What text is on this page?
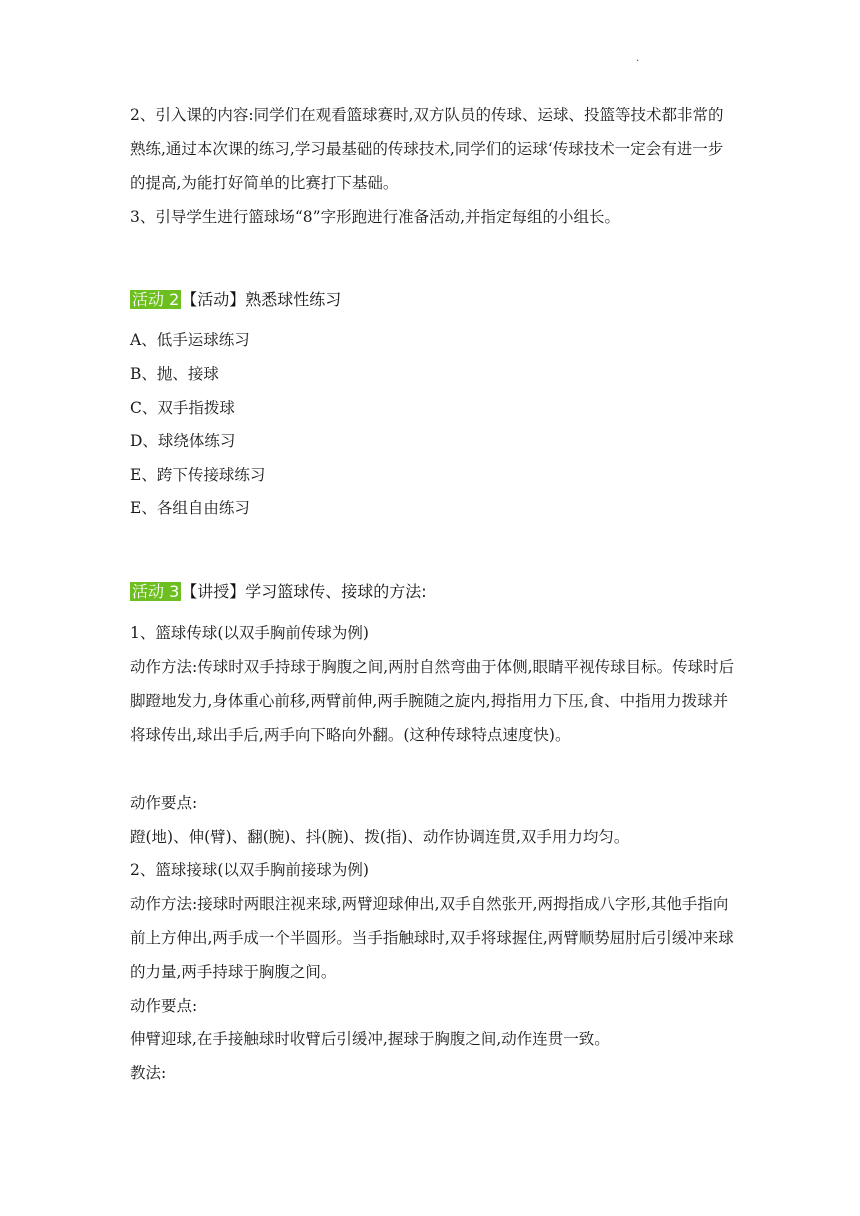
·

2、引入课的内容:同学们在观看篮球赛时,双方队员的传球、运球、投篮等技术都非常的熟练,通过本次课的练习,学习最基础的传球技术,同学们的运球‘传球技术一定会有进一步的提高,为能打好简单的比赛打下基础。

3、引导学生进行篮球场“8”字形跑进行准备活动,并指定每组的小组长。

活动 2 【活动】熟悉球性练习
A、低手运球练习
B、抛、接球
C、双手指拨球
D、球绕体练习
E、跨下传接球练习
E、各组自由练习
活动 3 【讲授】学习篮球传、接球的方法:

1、篮球传球(以双手胸前传球为例)

动作方法:传球时双手持球于胸腹之间,两肘自然弯曲于体侧,眼睛平视传球目标。传球时后脚蹬地发力,身体重心前移,两臂前伸,两手腕随之旋内,拇指用力下压,食、中指用力拨球并将球传出,球出手后,两手向下略向外翻。(这种传球特点速度快)。

动作要点:

蹬(地)、伸(臂)、翻(腕)、抖(腕)、拨(指)、动作协调连贯,双手用力均匀。

2、篮球接球(以双手胸前接球为例)

动作方法:接球时两眼注视来球,两臂迎球伸出,双手自然张开,两拇指成八字形,其他手指向前上方伸出,两手成一个半圆形。当手指触球时,双手将球握住,两臂顺势屈肘后引缓冲来球的力量,两手持球于胸腹之间。

动作要点:

伸臂迎球,在手接触球时收臂后引缓冲,握球于胸腹之间,动作连贯一致。

教法:
